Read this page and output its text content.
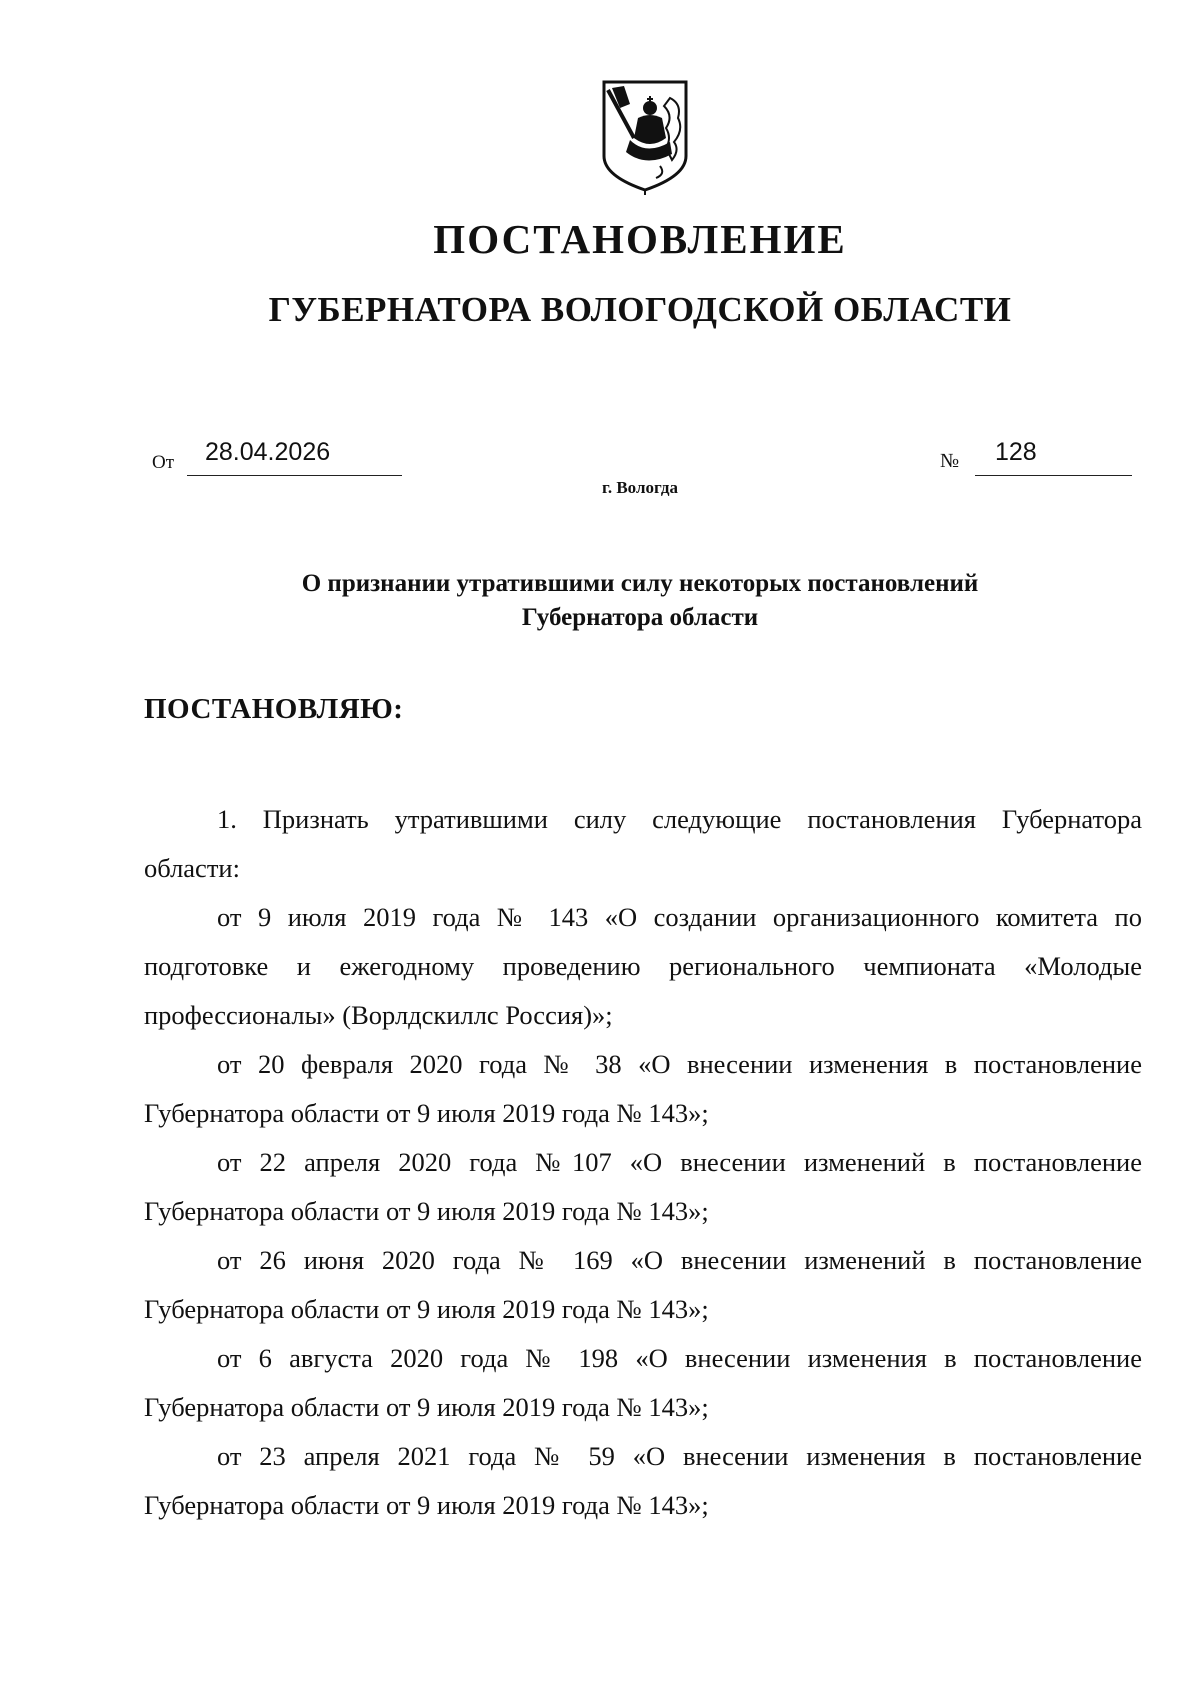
ПОСТАНОВЛЕНИЕ
ГУБЕРНАТОРА ВОЛОГОДСКОЙ ОБЛАСТИ
От 28.04.2026	№ 128
г. Вологда
О признании утратившими силу некоторых постановлений
Губернатора области
ПОСТАНОВЛЯЮ:
1. Признать утратившими силу следующие постановления Губернатора
области:
от 9 июля 2019 года № 143 «О создании организационного комитета по
подготовке и ежегодному проведению регионального чемпионата «Молодые
профессионалы» (Ворлдскиллс Россия)»;
от 20 февраля 2020 года № 38 «О внесении изменения в постановление
Губернатора области от 9 июля 2019 года № 143»;
от 22 апреля 2020 года №107 «О внесении изменений в постановление
Губернатора области от 9 июля 2019 года № 143»;
от 26 июня 2020 года № 169 «О внесении изменений в постановление
Губернатора области от 9 июля 2019 года № 143»;
от 6 августа 2020 года № 198 «О внесении изменения в постановление
Губернатора области от 9 июля 2019 года № 143»;
от 23 апреля 2021 года № 59 «О внесении изменения в постановление
Губернатора области от 9 июля 2019 года № 143»;
